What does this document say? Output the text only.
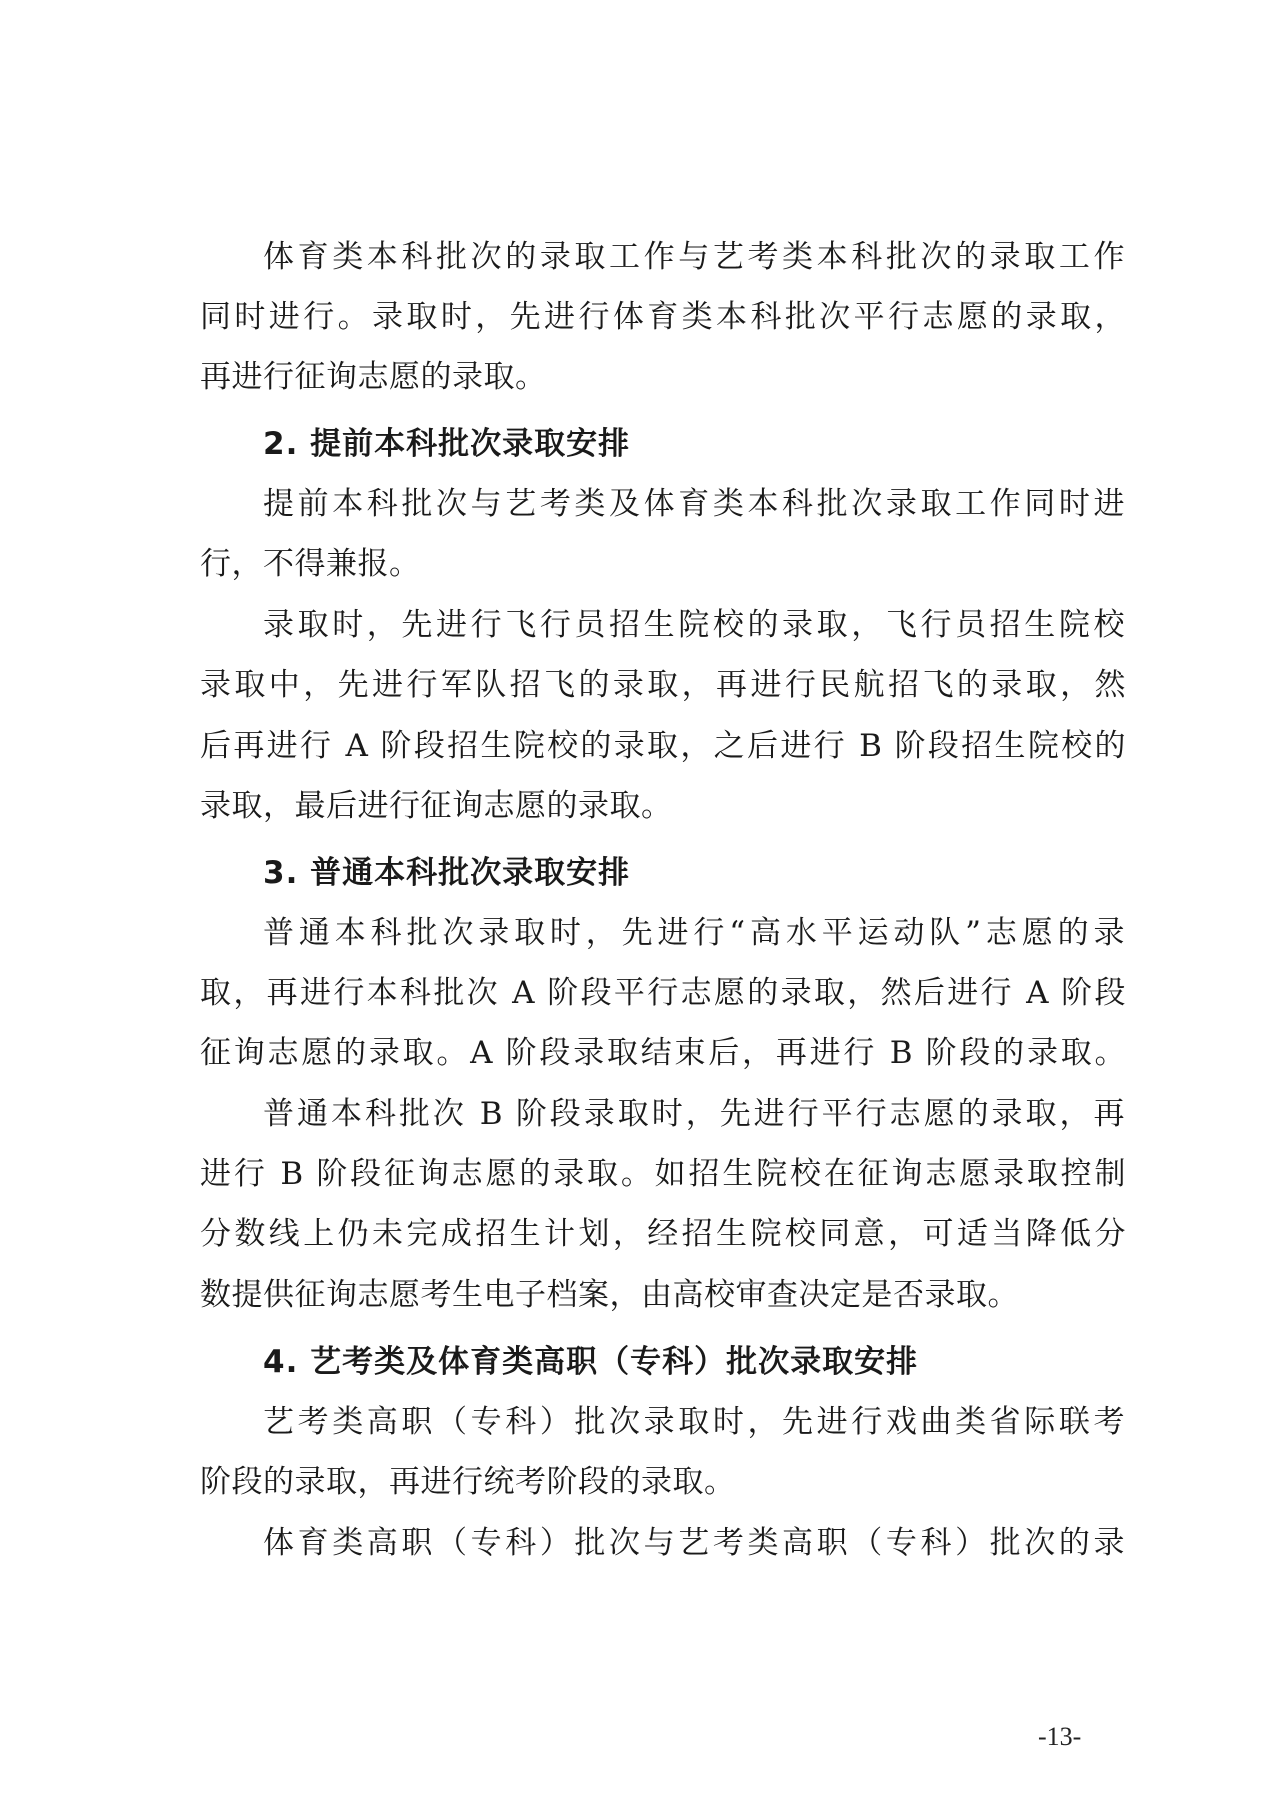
体育类本科批次的录取工作与艺考类本科批次的录取工作

同时进行。录取时，先进行体育类本科批次平行志愿的录取，

再进行征询志愿的录取。

2. 提前本科批次录取安排

提前本科批次与艺考类及体育类本科批次录取工作同时进

行，不得兼报。

录取时，先进行飞行员招生院校的录取，飞行员招生院校

录取中，先进行军队招飞的录取，再进行民航招飞的录取，然

后再进行 A 阶段招生院校的录取，之后进行 B 阶段招生院校的

录取，最后进行征询志愿的录取。

3. 普通本科批次录取安排

普通本科批次录取时，先进行“高水平运动队”志愿的录

取，再进行本科批次 A 阶段平行志愿的录取，然后进行 A 阶段

征询志愿的录取。A 阶段录取结束后，再进行 B 阶段的录取。

普通本科批次 B 阶段录取时，先进行平行志愿的录取，再

进行 B 阶段征询志愿的录取。如招生院校在征询志愿录取控制

分数线上仍未完成招生计划，经招生院校同意，可适当降低分

数提供征询志愿考生电子档案，由高校审查决定是否录取。

4. 艺考类及体育类高职（专科）批次录取安排

艺考类高职（专科）批次录取时，先进行戏曲类省际联考

阶段的录取，再进行统考阶段的录取。

体育类高职（专科）批次与艺考类高职（专科）批次的录

-13-
